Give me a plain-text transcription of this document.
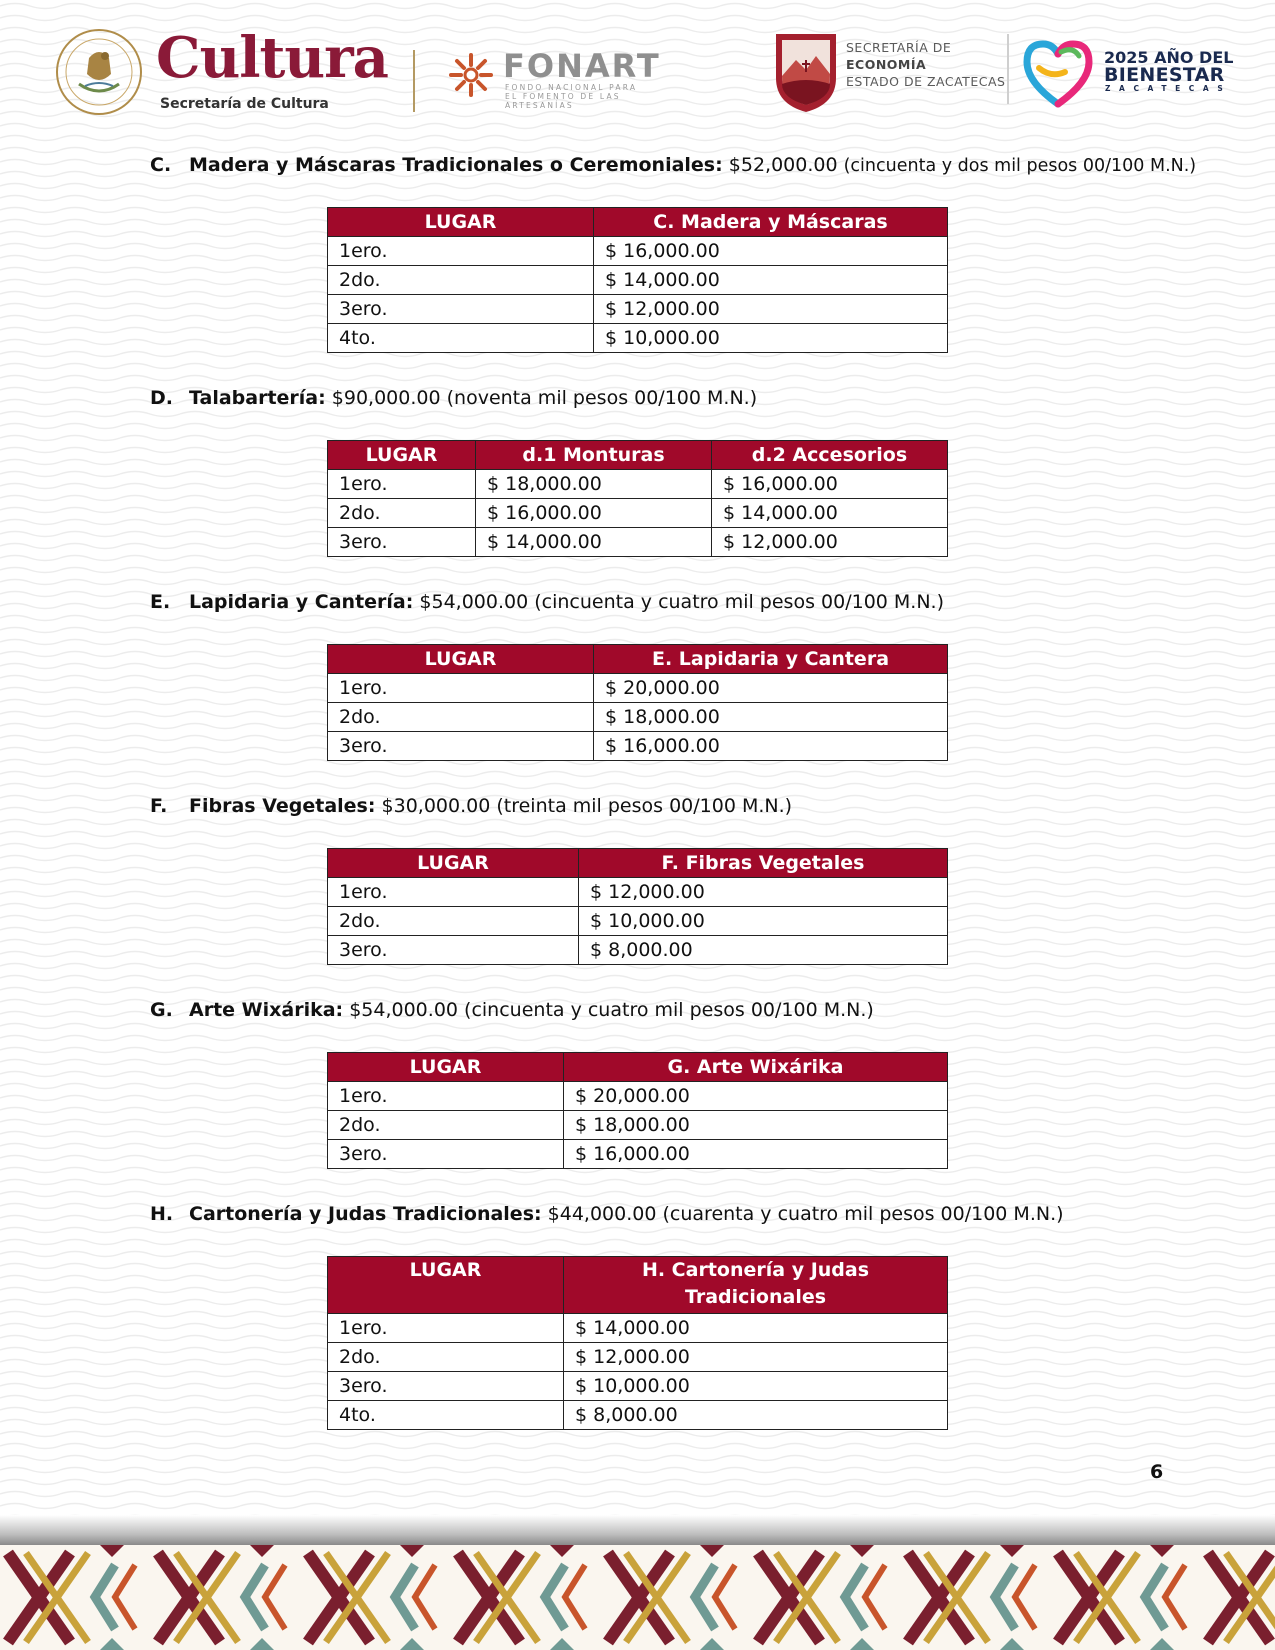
Cultura
Secretaría de Cultura
FONART
FONDO NACIONAL PARA EL FOMENTO DE LAS ARTESANÍAS
SECRETARÍA DE
ECONOMÍA
ESTADO DE ZACATECAS
2025 AÑO DEL
BIENESTAR
ZACATECAS
C. Madera y Máscaras Tradicionales o Ceremoniales: $52,000.00 (cincuenta y dos mil pesos 00/100 M.N.)
LUGAR	C. Madera y Máscaras
1ero.	$ 16,000.00
2do.	$ 14,000.00
3ero.	$ 12,000.00
4to.	$ 10,000.00
D. Talabartería: $90,000.00 (noventa mil pesos 00/100 M.N.)
LUGAR	d.1 Monturas	d.2 Accesorios
1ero.	$ 18,000.00	$ 16,000.00
2do.	$ 16,000.00	$ 14,000.00
3ero.	$ 14,000.00	$ 12,000.00
E. Lapidaria y Cantería: $54,000.00 (cincuenta y cuatro mil pesos 00/100 M.N.)
LUGAR	E. Lapidaria y Cantera
1ero.	$ 20,000.00
2do.	$ 18,000.00
3ero.	$ 16,000.00
F. Fibras Vegetales: $30,000.00 (treinta mil pesos 00/100 M.N.)
LUGAR	F. Fibras Vegetales
1ero.	$ 12,000.00
2do.	$ 10,000.00
3ero.	$ 8,000.00
G. Arte Wixárika: $54,000.00 (cincuenta y cuatro mil pesos 00/100 M.N.)
LUGAR	G. Arte Wixárika
1ero.	$ 20,000.00
2do.	$ 18,000.00
3ero.	$ 16,000.00
H. Cartonería y Judas Tradicionales: $44,000.00 (cuarenta y cuatro mil pesos 00/100 M.N.)
LUGAR	H. Cartonería y Judas Tradicionales
1ero.	$ 14,000.00
2do.	$ 12,000.00
3ero.	$ 10,000.00
4to.	$ 8,000.00
6
